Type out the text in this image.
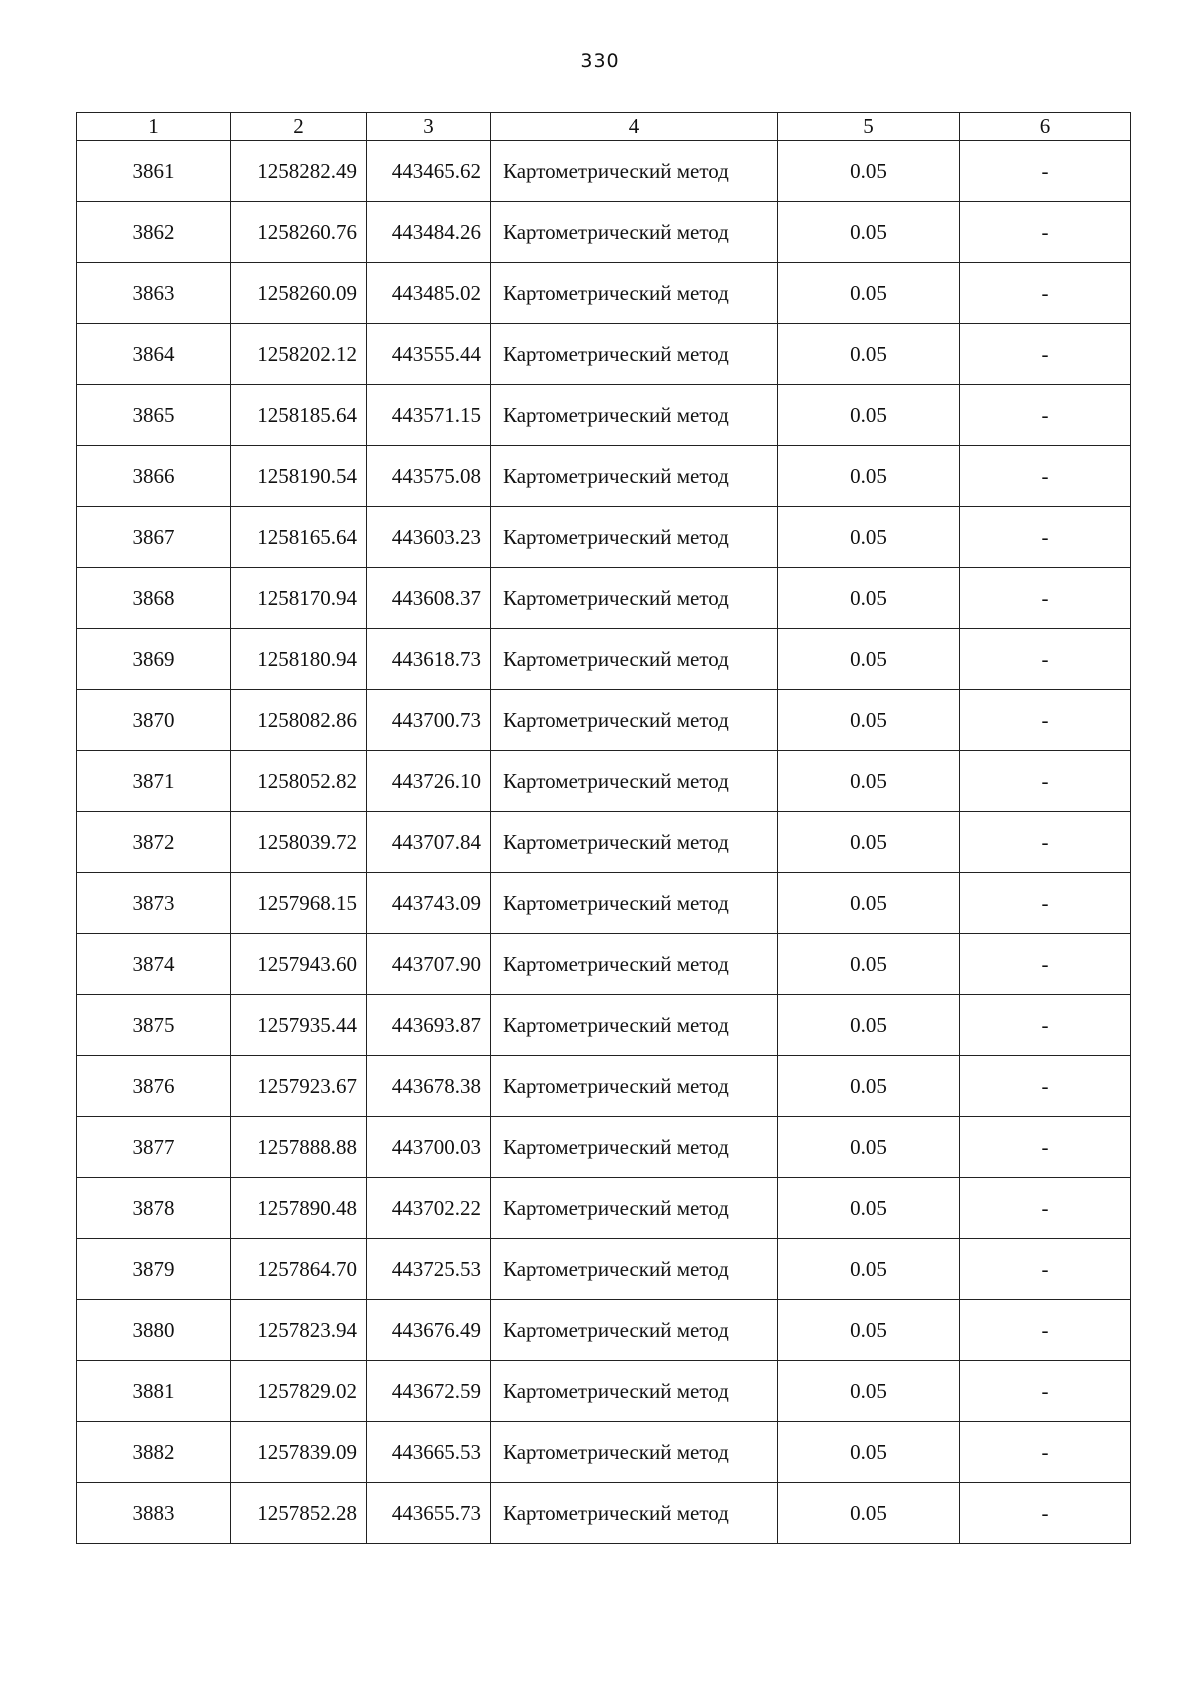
330
1	2	3	4	5	6
3861	1258282.49	443465.62	Картометрический метод	0.05	-
3862	1258260.76	443484.26	Картометрический метод	0.05	-
3863	1258260.09	443485.02	Картометрический метод	0.05	-
3864	1258202.12	443555.44	Картометрический метод	0.05	-
3865	1258185.64	443571.15	Картометрический метод	0.05	-
3866	1258190.54	443575.08	Картометрический метод	0.05	-
3867	1258165.64	443603.23	Картометрический метод	0.05	-
3868	1258170.94	443608.37	Картометрический метод	0.05	-
3869	1258180.94	443618.73	Картометрический метод	0.05	-
3870	1258082.86	443700.73	Картометрический метод	0.05	-
3871	1258052.82	443726.10	Картометрический метод	0.05	-
3872	1258039.72	443707.84	Картометрический метод	0.05	-
3873	1257968.15	443743.09	Картометрический метод	0.05	-
3874	1257943.60	443707.90	Картометрический метод	0.05	-
3875	1257935.44	443693.87	Картометрический метод	0.05	-
3876	1257923.67	443678.38	Картометрический метод	0.05	-
3877	1257888.88	443700.03	Картометрический метод	0.05	-
3878	1257890.48	443702.22	Картометрический метод	0.05	-
3879	1257864.70	443725.53	Картометрический метод	0.05	-
3880	1257823.94	443676.49	Картометрический метод	0.05	-
3881	1257829.02	443672.59	Картометрический метод	0.05	-
3882	1257839.09	443665.53	Картометрический метод	0.05	-
3883	1257852.28	443655.73	Картометрический метод	0.05	-
